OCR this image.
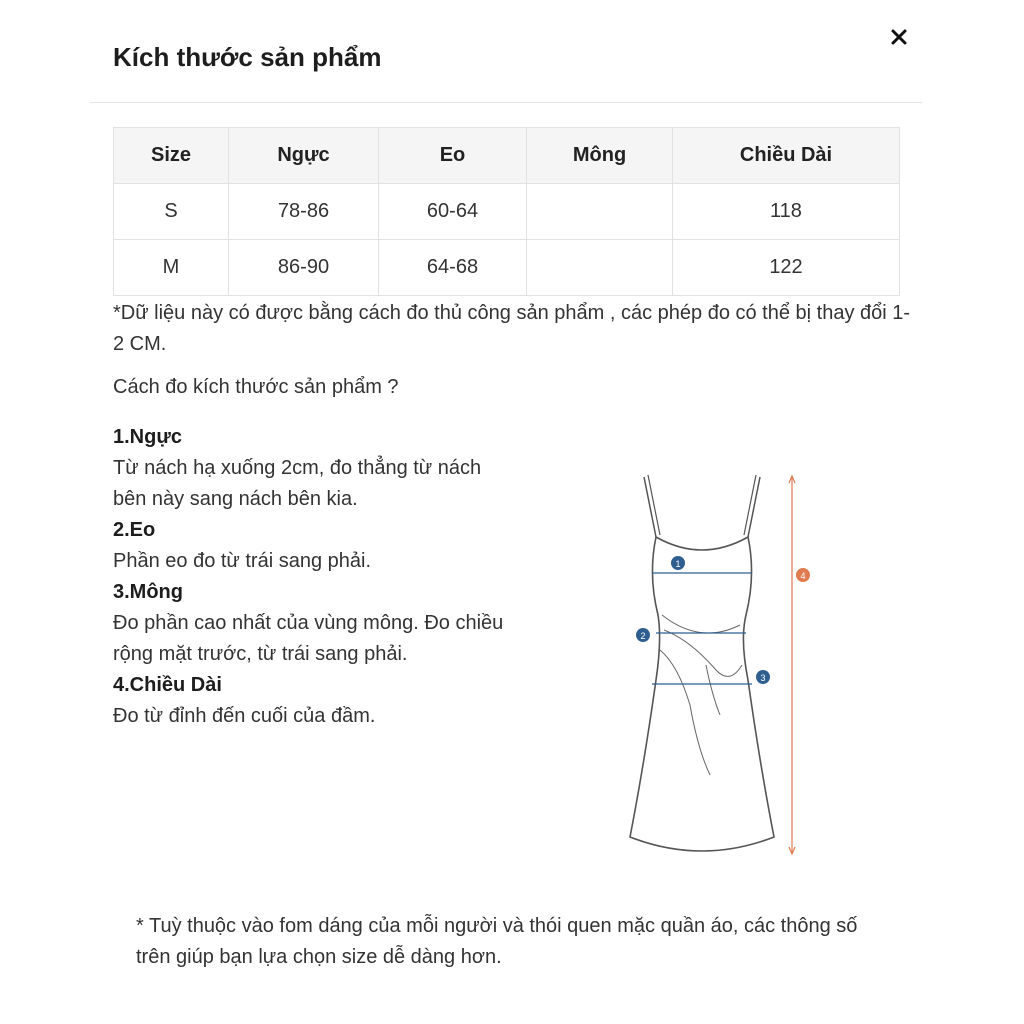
Kích thước sản phẩm
Size	Ngực	Eo	Mông	Chiều Dài
S	78-86	60-64		118
M	86-90	64-68		122

*Dữ liệu này có được bằng cách đo thủ công sản phẩm , các phép đo có thể bị thay đổi 1-2 CM.

Cách đo kích thước sản phẩm ?

1.Ngực
Từ nách hạ xuống 2cm, đo thẳng từ nách bên này sang nách bên kia.
2.Eo
Phần eo đo từ trái sang phải.
3.Mông
Đo phần cao nhất của vùng mông. Đo chiều rộng mặt trước, từ trái sang phải.
4.Chiều Dài
Đo từ đỉnh đến cuối của đầm.
1
2
3
4

* Tuỳ thuộc vào fom dáng của mỗi người và thói quen mặc quần áo, các thông số trên giúp bạn lựa chọn size dễ dàng hơn.
